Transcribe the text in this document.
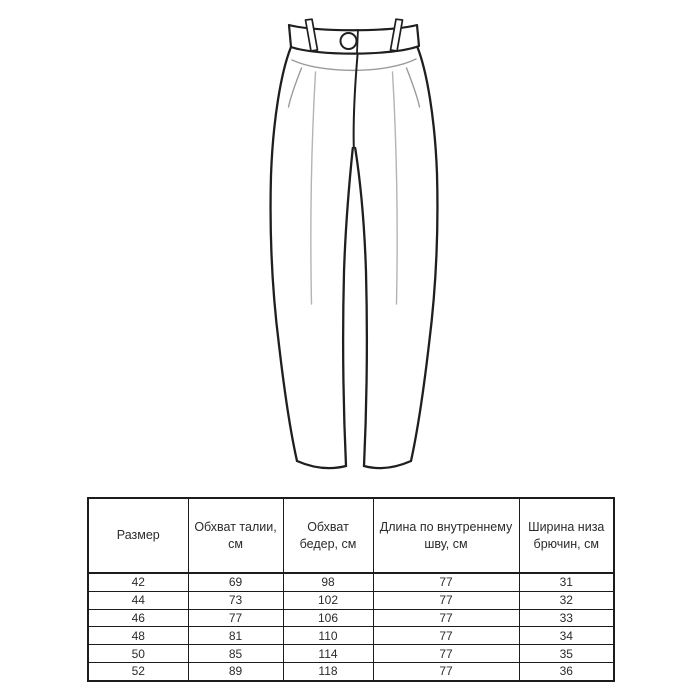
Размер	Обхват талии, см	Обхват бедер, см	Длина по внутреннему шву, см	Ширина низа брючин, см
42	69	98	77	31
44	73	102	77	32
46	77	106	77	33
48	81	110	77	34
50	85	114	77	35
52	89	118	77	36
